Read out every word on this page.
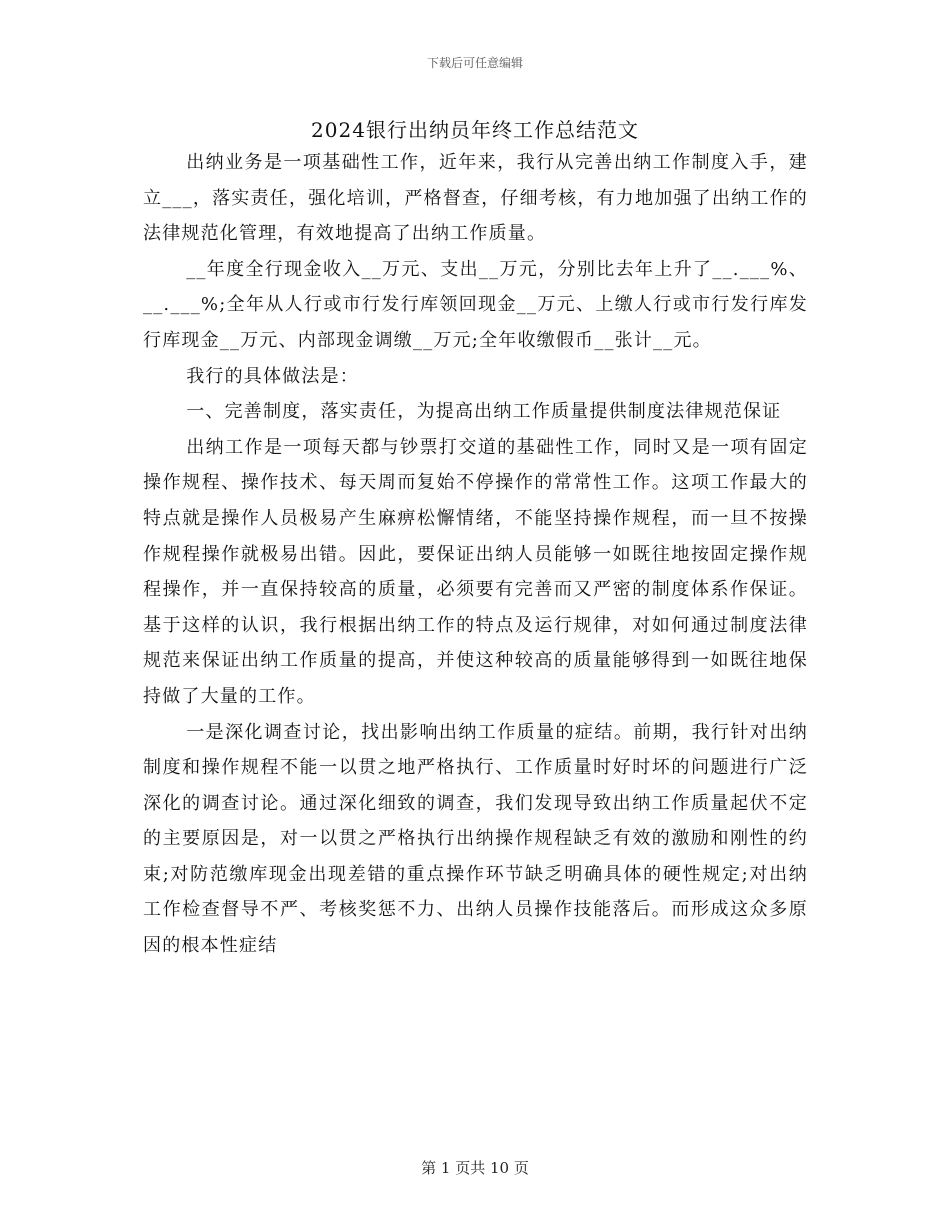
下载后可任意编辑
2024银行出纳员年终工作总结范文

出纳业务是一项基础性工作，近年来，我行从完善出纳工作制度入手，建立___，落实责任，强化培训，严格督查，仔细考核，有力地加强了出纳工作的法律规范化管理，有效地提高了出纳工作质量。

__年度全行现金收入__万元、支出__万元，分别比去年上升了__.___%、__.___%;全年从人行或市行发行库领回现金__万元、上缴人行或市行发行库发行库现金__万元、内部现金调缴__万元;全年收缴假币__张计__元。

我行的具体做法是：

一、完善制度，落实责任，为提高出纳工作质量提供制度法律规范保证

出纳工作是一项每天都与钞票打交道的基础性工作，同时又是一项有固定操作规程、操作技术、每天周而复始不停操作的常常性工作。这项工作最大的特点就是操作人员极易产生麻痹松懈情绪，不能坚持操作规程，而一旦不按操作规程操作就极易出错。因此，要保证出纳人员能够一如既往地按固定操作规程操作，并一直保持较高的质量，必须要有完善而又严密的制度体系作保证。基于这样的认识，我行根据出纳工作的特点及运行规律，对如何通过制度法律规范来保证出纳工作质量的提高，并使这种较高的质量能够得到一如既往地保持做了大量的工作。

一是深化调查讨论，找出影响出纳工作质量的症结。前期，我行针对出纳制度和操作规程不能一以贯之地严格执行、工作质量时好时坏的问题进行广泛深化的调查讨论。通过深化细致的调查，我们发现导致出纳工作质量起伏不定的主要原因是，对一以贯之严格执行出纳操作规程缺乏有效的激励和刚性的约束;对防范缴库现金出现差错的重点操作环节缺乏明确具体的硬性规定;对出纳工作检查督导不严、考核奖惩不力、出纳人员操作技能落后。而形成这众多原因的根本性症结

第 1 页共 10 页
